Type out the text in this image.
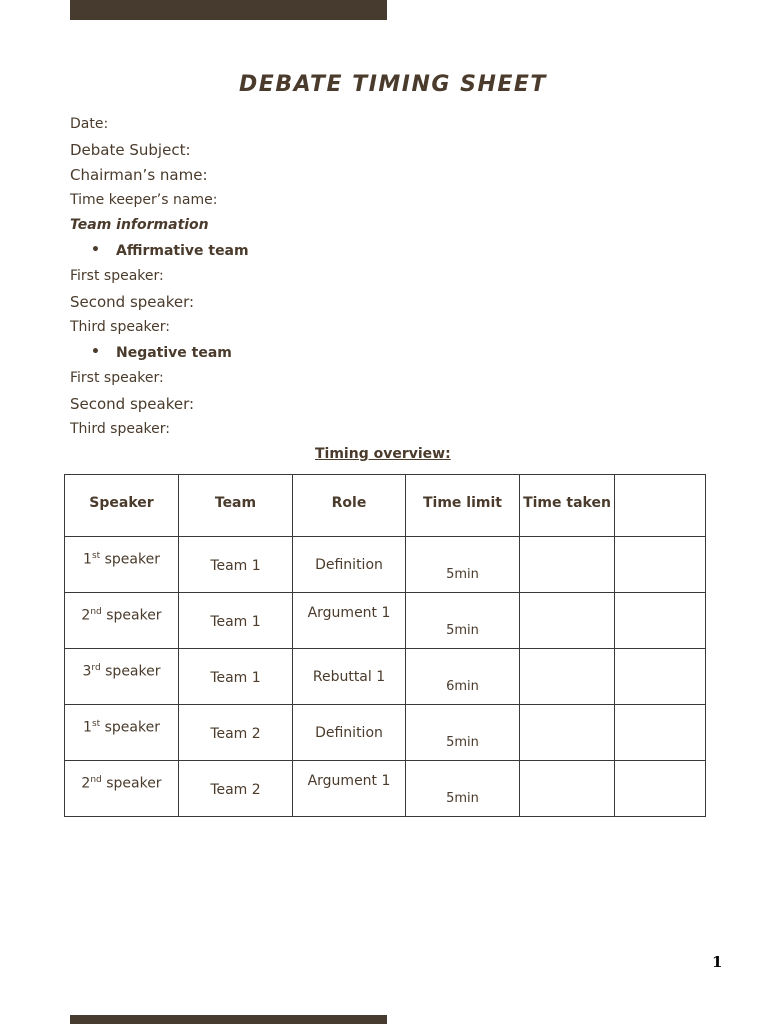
DEBATE TIMING SHEET
Date:
Debate Subject:
Chairman’s name:
Time keeper’s name:
Team information
• Affirmative team
First speaker:
Second speaker:
Third speaker:
• Negative team
First speaker:
Second speaker:
Third speaker:
Timing overview:
Speaker	Team	Role	Time limit	Time taken	

1st speaker	Team 1	Definition	5min		

2nd speaker	Team 1	Argument 1	5min		

3rd speaker	Team 1	Rebuttal 1	6min		

1st speaker	Team 2	Definition	5min		

2nd speaker	Team 2	Argument 1	5min		

1
